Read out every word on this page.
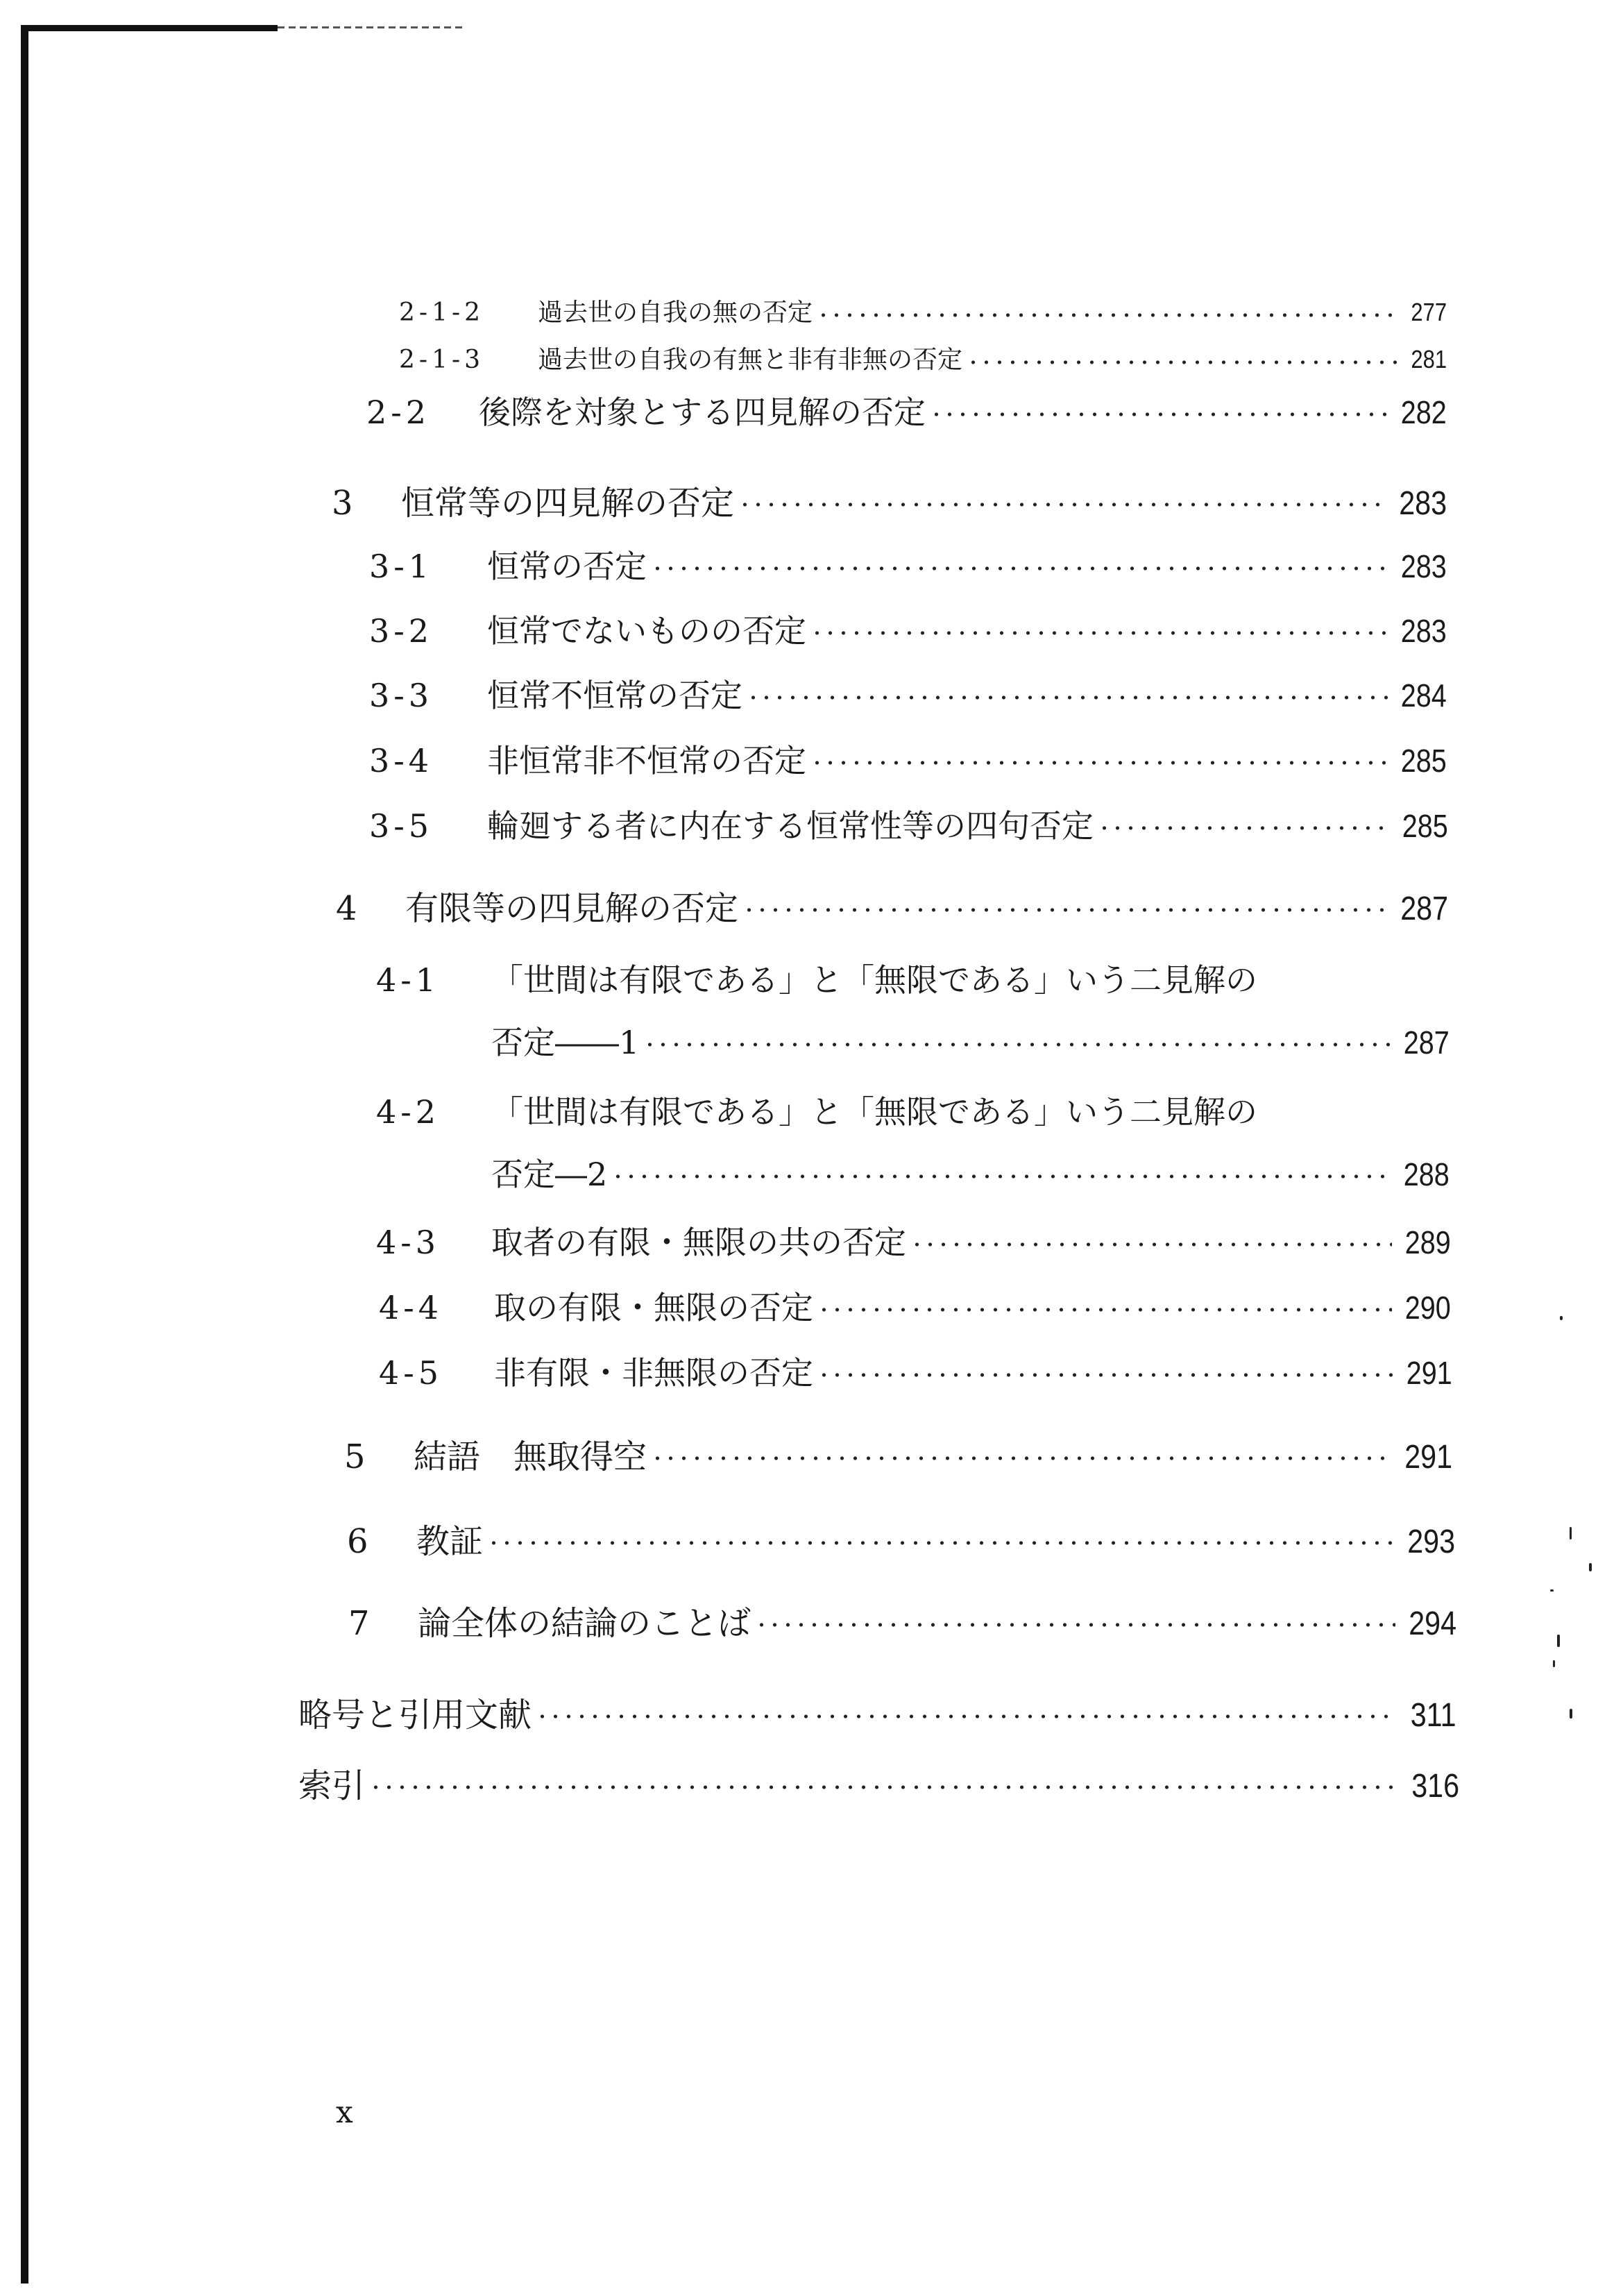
2-1-2	過去世の自我の無の否定	277
2-1-3	過去世の自我の有無と非有非無の否定	281
2-2	後際を対象とする四見解の否定	282
3	恒常等の四見解の否定	283
3-1	恒常の否定	283
3-2	恒常でないものの否定	283
3-3	恒常不恒常の否定	284
3-4	非恒常非不恒常の否定	285
3-5	輪廻する者に内在する恒常性等の四句否定	285
4	有限等の四見解の否定	287
4-1	「世間は有限である」と「無限である」いう二見解の
否定――1	287
4-2	「世間は有限である」と「無限である」いう二見解の
否定―2	288
4-3	取者の有限・無限の共の否定	289
4-4	取の有限・無限の否定	290
4-5	非有限・非無限の否定	291
5	結語　無取得空	291
6	教証	293
7	論全体の結論のことば	294
略号と引用文献	311
索引	316
x
